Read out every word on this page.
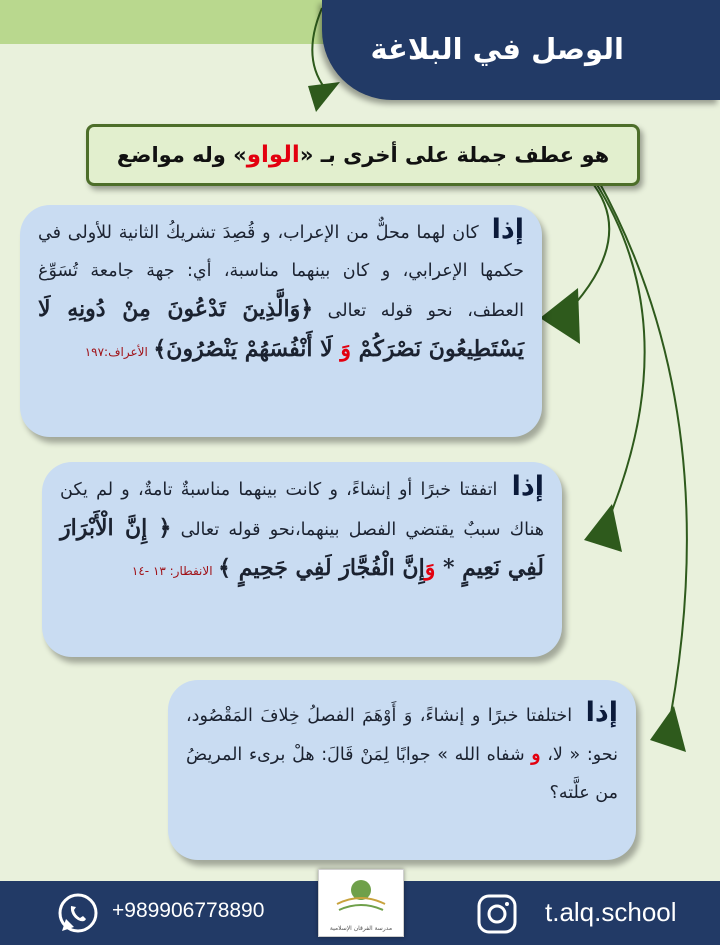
الوصل في البلاغة
هو عطف جملة على أخرى بـ «
الواو
» وله مواضع
إذا كان لهما محلٌّ من الإعراب، و قُصِدَ تشريكُ الثانية للأولى في حكمها الإعرابي، و كان بينهما مناسبة، أي: جهة جامعة تُسَوِّغ العطف، نحو قوله تعالى ﴿وَالَّذِينَ تَدْعُونَ مِنْ دُونِهِ لَا يَسْتَطِيعُونَ نَصْرَكُمْ وَ لَا أَنْفُسَهُمْ يَنْصُرُونَ﴾ الأعراف:١٩٧
إذا اتفقتا خبرًا أو إنشاءً، و كانت بينهما مناسبةٌ تامةٌ، و لم يكن هناك سببٌ يقتضي الفصل بينهما،نحو قوله تعالى ﴿ إِنَّ الْأَبْرَارَ لَفِي نَعِيمٍ * وَإِنَّ الْفُجَّارَ لَفِي جَحِيمٍ ﴾ الانفطار: ١٣ -١٤
إذا اختلفتا خبرًا و إنشاءً، وَ أَوْهَمَ الفصلُ خِلافَ المَقْصُود، نحو: « لا، و شفاه الله » جوابًا لِمَنْ قَالَ: هلْ برىء المريضُ من علَّته؟
+989906778890
مدرسة الفرقان الإسلامية
t.alq.school
